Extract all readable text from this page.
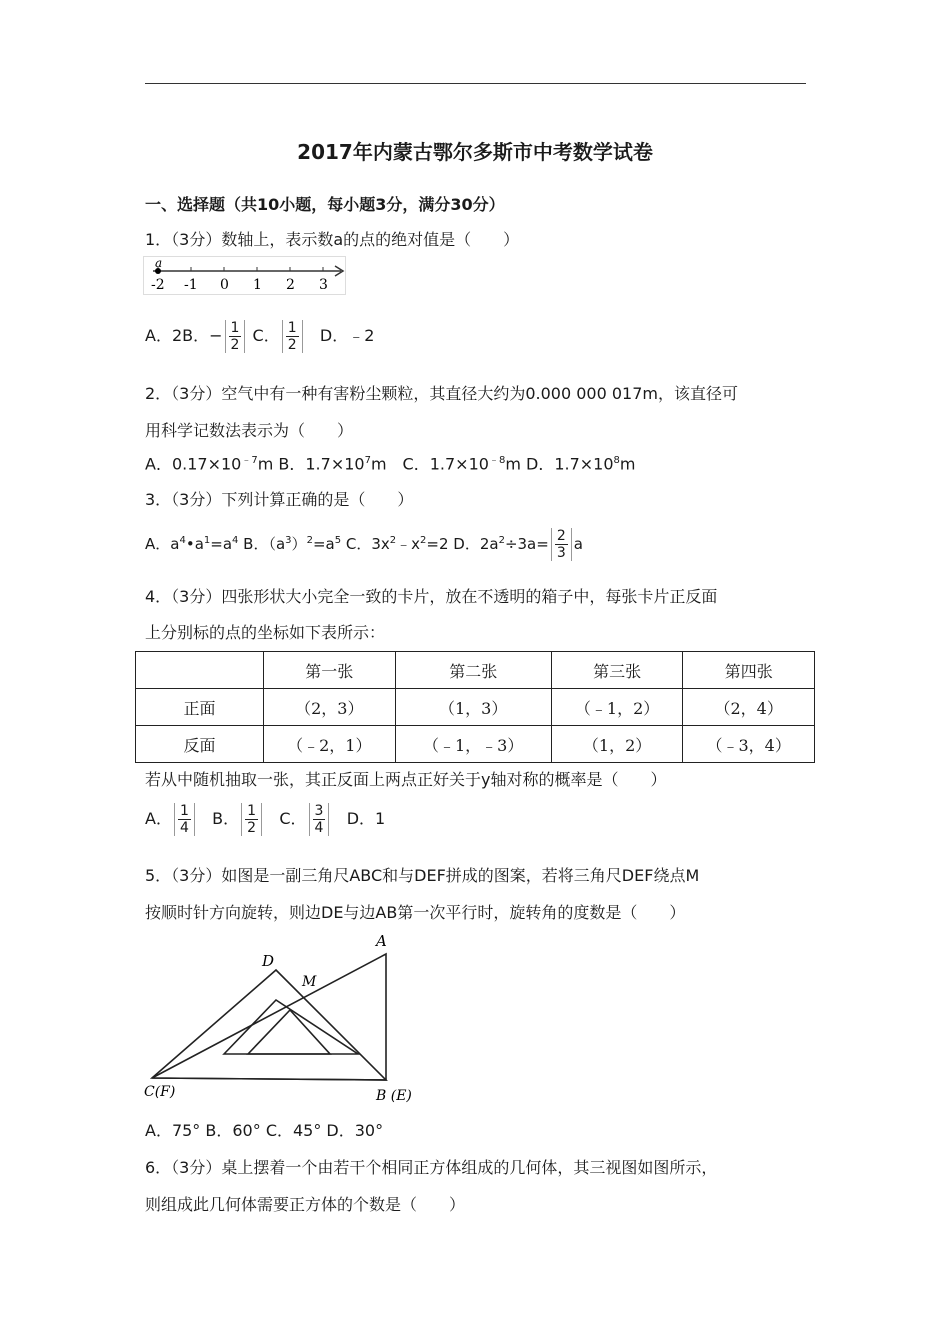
2017年内蒙古鄂尔多斯市中考数学试卷
一、选择题（共10小题，每小题3分，满分30分）
1．（3分）数轴上，表示数a的点的绝对值是（　　）
a
-2 -1 0 1 2 3
A．2B．− $\frac{1}{2}$ C． $\frac{1}{2}$ D．﹣2
2．（3分）空气中有一种有害粉尘颗粒，其直径大约为0.000 000 017m，该直径可
用科学记数法表示为（　　）
A．$0.17\times 10^{﹣7}m$ B．$1.7\times 10^7m$　C．$1.7\times 10^{﹣8}m$ D．$1.7\times 10^8m$
3．（3分）下列计算正确的是（　　）
A．$a^4•a^1=a^4$ B．$(a^3)^2=a^5$ C．$3x^2﹣x^2=2$ D．$2a^2\div 3a= \frac{2}{3}$ a
4．（3分）四张形状大小完全一致的卡片，放在不透明的箱子中，每张卡片正反面
上分别标的点的坐标如下表所示：
	第一张	第二张	第三张	第四张
正面	（2，3）	（1，3）	（﹣1，2）	（2，4）
反面	（﹣2，1）	（﹣1，﹣3）	（1，2）	（﹣3，4）
若从中随机抽取一张，其正反面上两点正好关于y轴对称的概率是（　　）
A． $\frac{1}{4}$ B． $\frac{1}{2}$ C． $\frac{3}{4}$ D．1
5．（3分）如图是一副三角尺ABC和与DEF拼成的图案，若将三角尺DEF绕点M
按顺时针方向旋转，则边DE与边AB第一次平行时，旋转角的度数是（　　）
A
D
M
C(F)	B (E)
A．75° B．60° C．45° D．30°
6．（3分）桌上摆着一个由若干个相同正方体组成的几何体，其三视图如图所示，
则组成此几何体需要正方体的个数是（　　）
